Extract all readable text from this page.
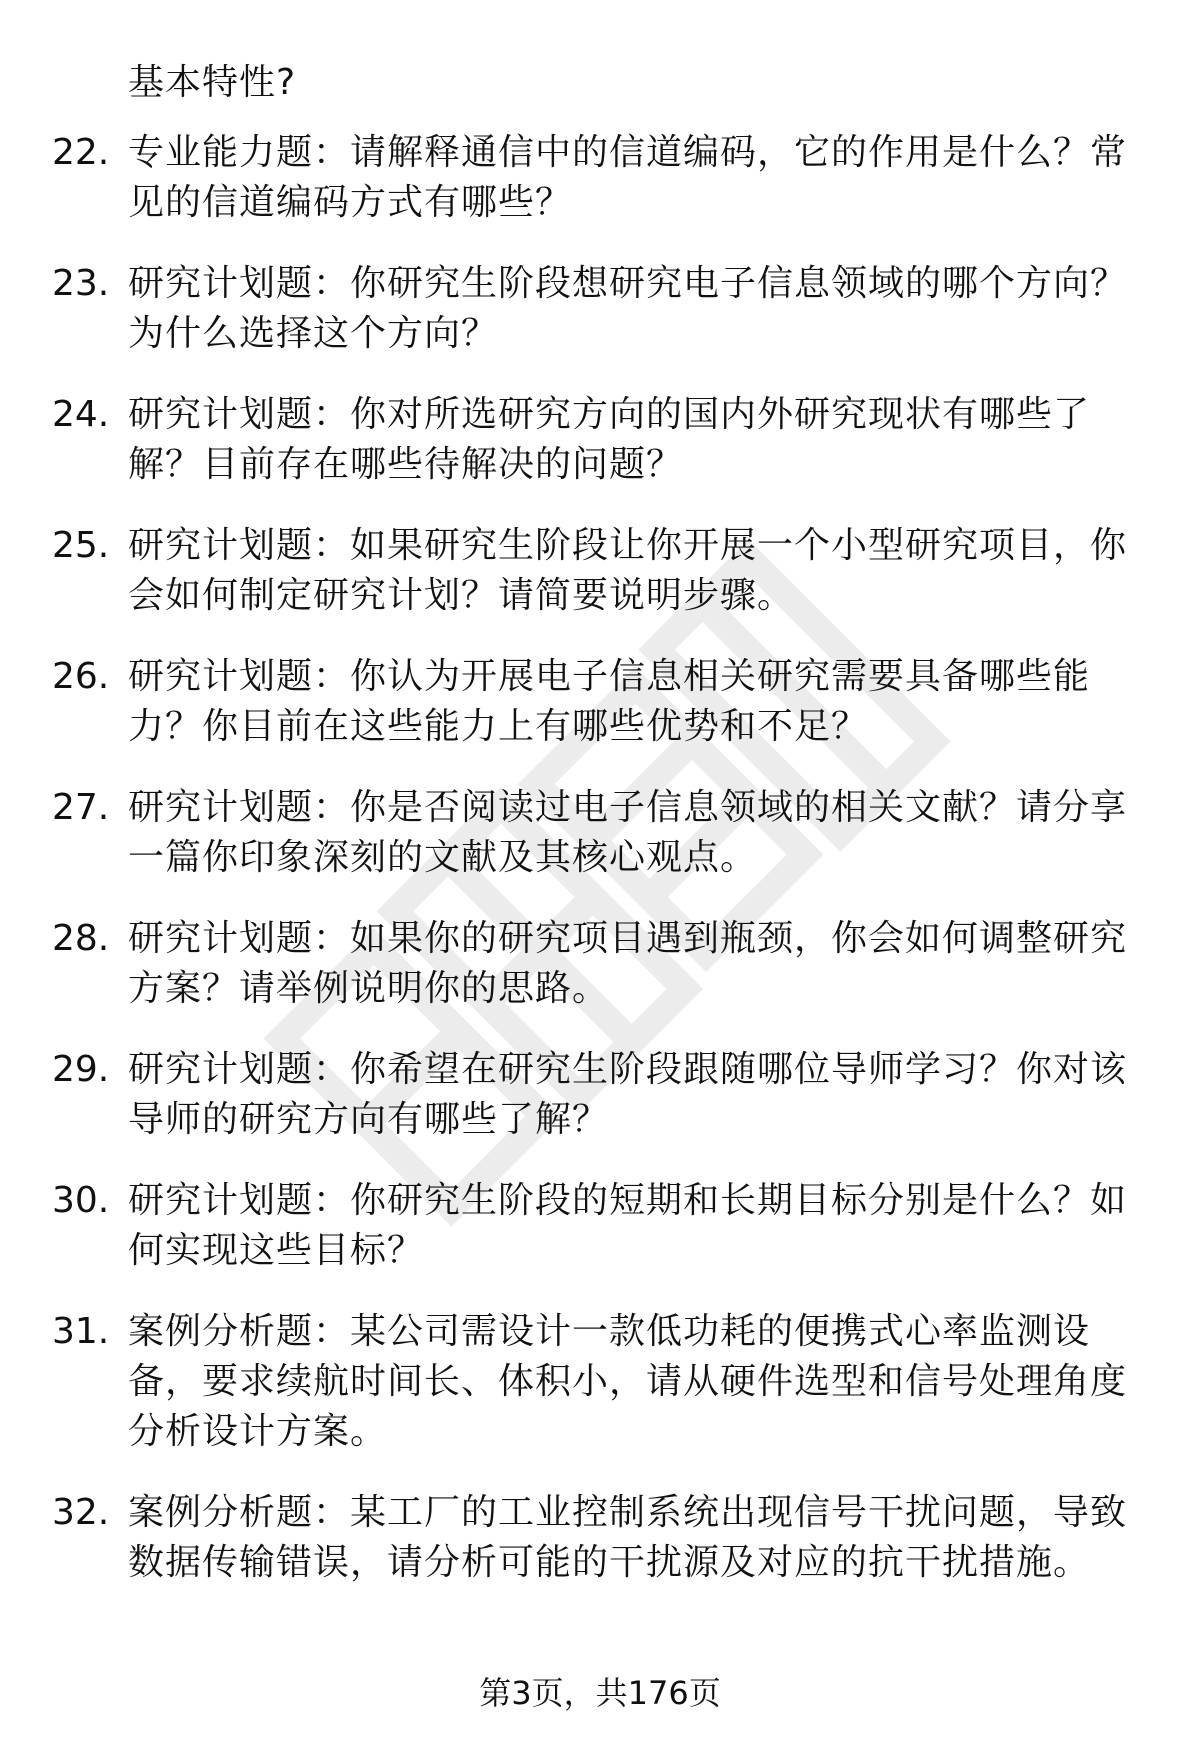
基本特性?
22. 专业能力题：请解释通信中的信道编码，它的作用是什么？常见的信道编码方式有哪些？
23. 研究计划题：你研究生阶段想研究电子信息领域的哪个方向？为什么选择这个方向？
24. 研究计划题：你对所选研究方向的国内外研究现状有哪些了解？目前存在哪些待解决的问题？
25. 研究计划题：如果研究生阶段让你开展一个小型研究项目，你会如何制定研究计划？请简要说明步骤。
26. 研究计划题：你认为开展电子信息相关研究需要具备哪些能力？你目前在这些能力上有哪些优势和不足？
27. 研究计划题：你是否阅读过电子信息领域的相关文献？请分享一篇你印象深刻的文献及其核心观点。
28. 研究计划题：如果你的研究项目遇到瓶颈，你会如何调整研究方案？请举例说明你的思路。
29. 研究计划题：你希望在研究生阶段跟随哪位导师学习？你对该导师的研究方向有哪些了解？
30. 研究计划题：你研究生阶段的短期和长期目标分别是什么？如何实现这些目标？
31. 案例分析题：某公司需设计一款低功耗的便携式心率监测设备，要求续航时间长、体积小，请从硬件选型和信号处理角度分析设计方案。
32. 案例分析题：某工厂的工业控制系统出现信号干扰问题，导致数据传输错误，请分析可能的干扰源及对应的抗干扰措施。
第3页，共176页
